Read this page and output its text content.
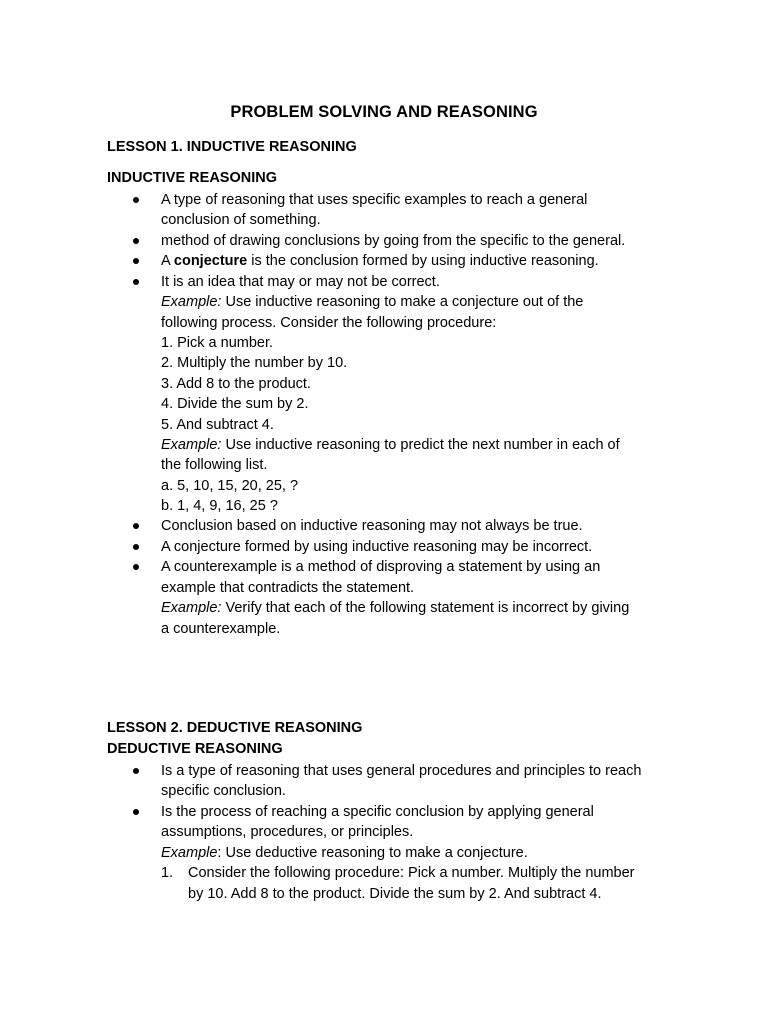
PROBLEM SOLVING AND REASONING
LESSON 1. INDUCTIVE REASONING
INDUCTIVE REASONING
A type of reasoning that uses specific examples to reach a general
conclusion of something.
method of drawing conclusions by going from the specific to the general.
A conjecture is the conclusion formed by using inductive reasoning.
It is an idea that may or may not be correct.
Example: Use inductive reasoning to make a conjecture out of the
following process. Consider the following procedure:
1. Pick a number.
2. Multiply the number by 10.
3. Add 8 to the product.
4. Divide the sum by 2.
5. And subtract 4.
Example: Use inductive reasoning to predict the next number in each of
the following list.
a. 5, 10, 15, 20, 25, ?
b. 1, 4, 9, 16, 25 ?
Conclusion based on inductive reasoning may not always be true.
A conjecture formed by using inductive reasoning may be incorrect.
A counterexample is a method of disproving a statement by using an
example that contradicts the statement.
Example: Verify that each of the following statement is incorrect by giving
a counterexample.
LESSON 2. DEDUCTIVE REASONING
DEDUCTIVE REASONING
Is a type of reasoning that uses general procedures and principles to reach
specific conclusion.
Is the process of reaching a specific conclusion by applying general
assumptions, procedures, or principles.
Example: Use deductive reasoning to make a conjecture.
1. Consider the following procedure: Pick a number. Multiply the number
by 10. Add 8 to the product. Divide the sum by 2. And subtract 4.
